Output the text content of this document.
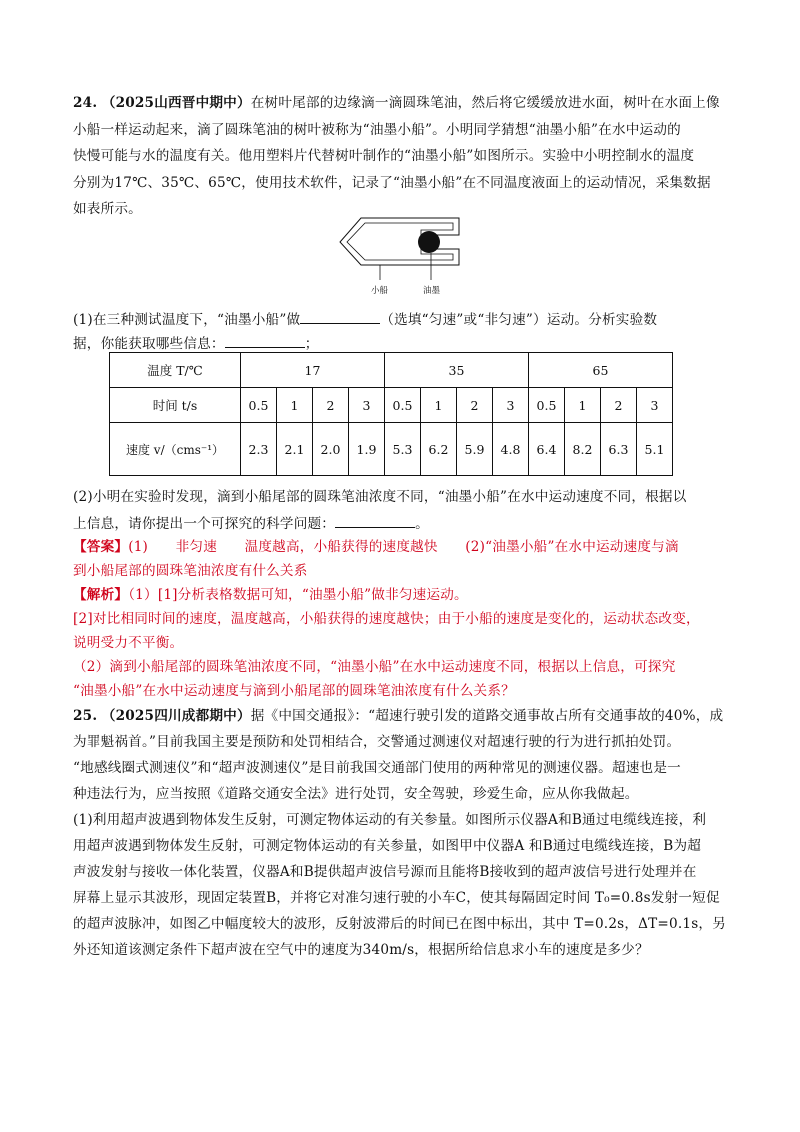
24. （2025山西晋中期中）在树叶尾部的边缘滴一滴圆珠笔油，然后将它缓缓放进水面，树叶在水面上像
小船一样运动起来，滴了圆珠笔油的树叶被称为“油墨小船”。小明同学猜想“油墨小船”在水中运动的
快慢可能与水的温度有关。他用塑料片代替树叶制作的“油墨小船”如图所示。实验中小明控制水的温度
分别为17℃、35℃、65℃，使用技术软件，记录了“油墨小船”在不同温度液面上的运动情况，采集数据
如表所示。
小船	油墨
(1)在三种测试温度下，“油墨小船”做	（选填“匀速”或“非匀速”）运动。分析实验数
据，你能获取哪些信息：	；
温度 T/℃	17				35				65			
时间 t/s	0.5	1	2	3	0.5	1	2	3	0.5	1	2	3
速度 v/（cms⁻¹）	2.3	2.1	2.0	1.9	5.3	6.2	5.9	4.8	6.4	8.2	6.3	5.1
(2)小明在实验时发现，滴到小船尾部的圆珠笔油浓度不同，“油墨小船”在水中运动速度不同，根据以
上信息，请你提出一个可探究的科学问题：	。
【答案】(1)　　非匀速　　温度越高，小船获得的速度越快　　(2)“油墨小船”在水中运动速度与滴
到小船尾部的圆珠笔油浓度有什么关系
【解析】（1）[1]分析表格数据可知，“油墨小船”做非匀速运动。
[2]对比相同时间的速度，温度越高，小船获得的速度越快；由于小船的速度是变化的，运动状态改变，
说明受力不平衡。
（2）滴到小船尾部的圆珠笔油浓度不同，“油墨小船”在水中运动速度不同，根据以上信息，可探究
“油墨小船”在水中运动速度与滴到小船尾部的圆珠笔油浓度有什么关系？
25. （2025四川成都期中）据《中国交通报》：“超速行驶引发的道路交通事故占所有交通事故的40%，成
为罪魁祸首。”目前我国主要是预防和处罚相结合，交警通过测速仪对超速行驶的行为进行抓拍处罚。
“地感线圈式测速仪”和“超声波测速仪”是目前我国交通部门使用的两种常见的测速仪器。超速也是一
种违法行为，应当按照《道路交通安全法》进行处罚，安全驾驶，珍爱生命，应从你我做起。
(1)利用超声波遇到物体发生反射，可测定物体运动的有关参量。如图所示仪器A和B通过电缆线连接，利
用超声波遇到物体发生反射，可测定物体运动的有关参量，如图甲中仪器A 和B通过电缆线连接，B为超
声波发射与接收一体化装置，仪器A和B提供超声波信号源而且能将B接收到的超声波信号进行处理并在
屏幕上显示其波形，现固定装置B，并将它对准匀速行驶的小车C，使其每隔固定时间 T₀=0.8s发射一短促
的超声波脉冲，如图乙中幅度较大的波形，反射波滞后的时间已在图中标出，其中 T=0.2s，ΔT=0.1s，另
外还知道该测定条件下超声波在空气中的速度为340m/s，根据所给信息求小车的速度是多少？
